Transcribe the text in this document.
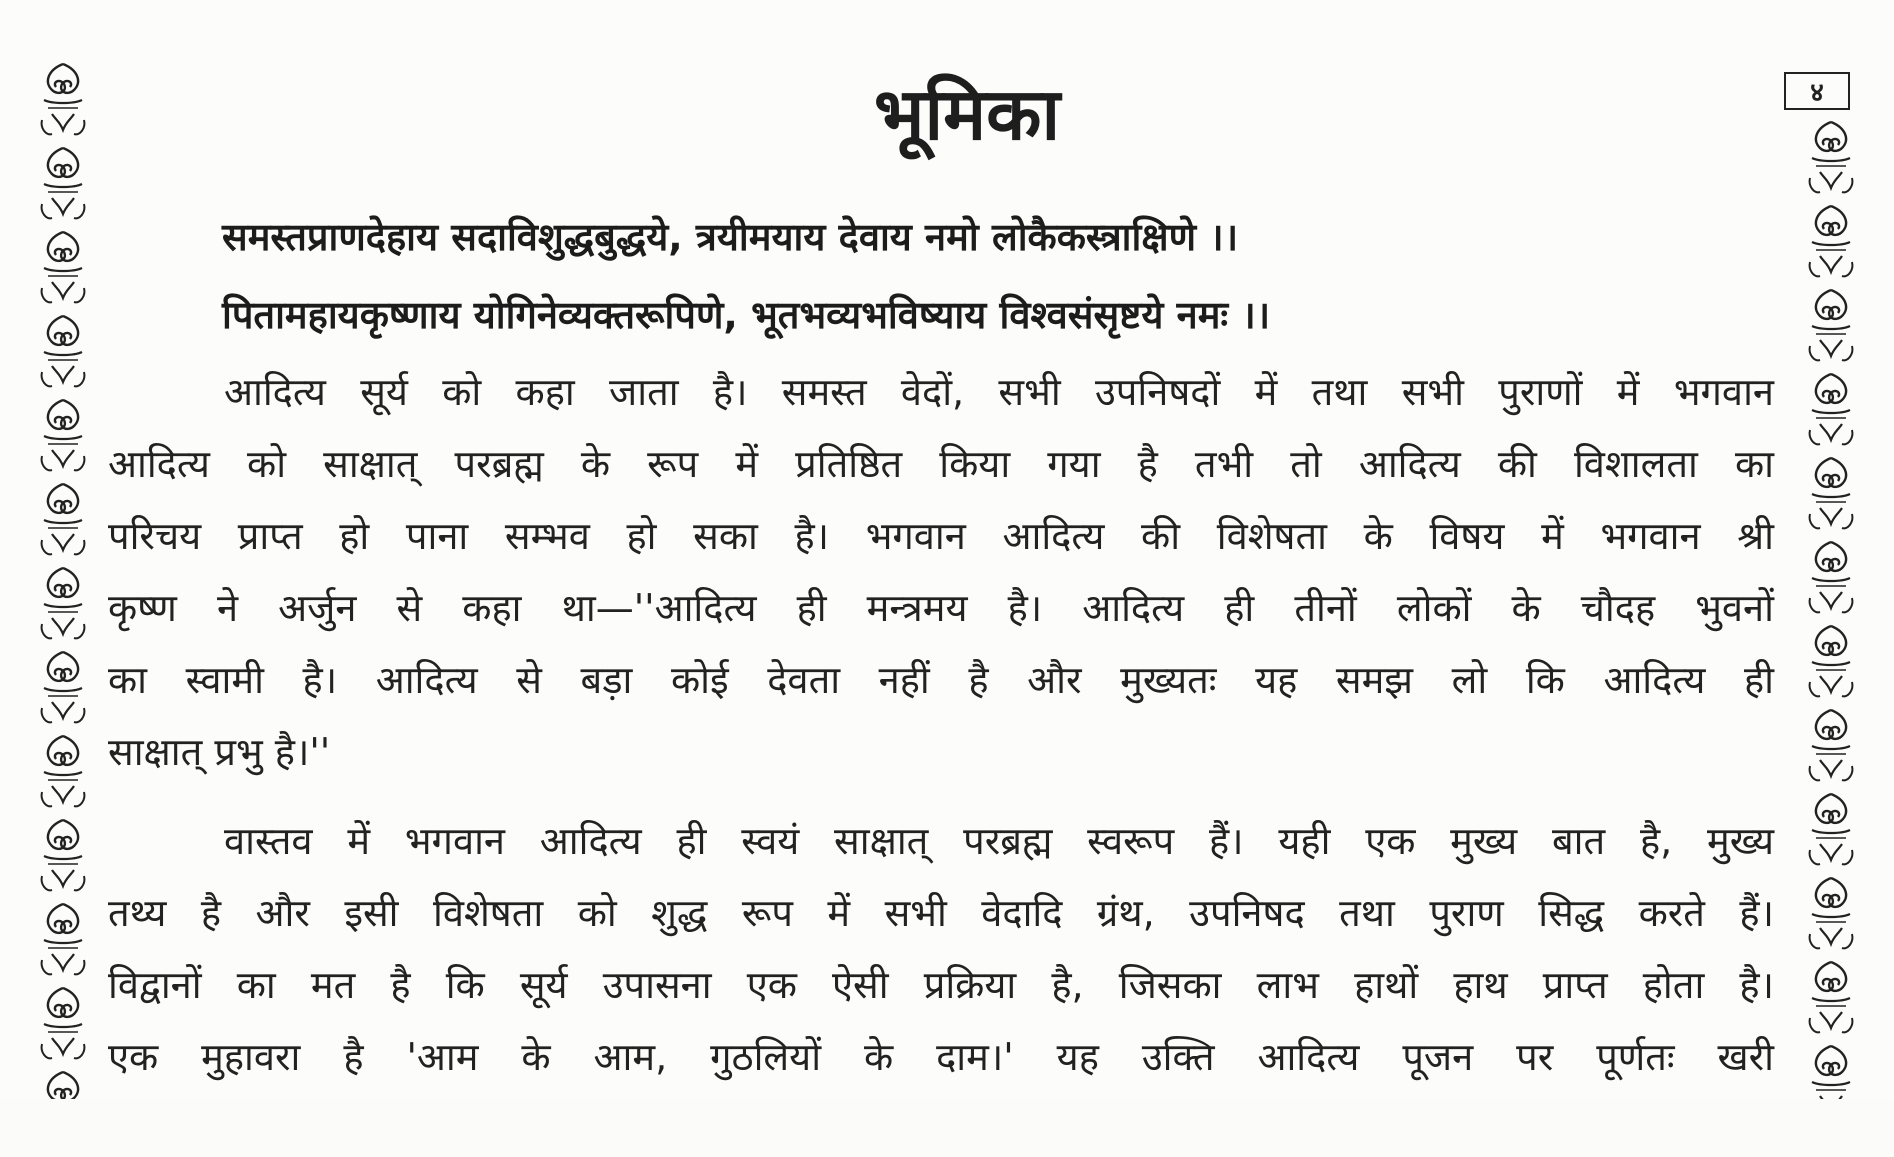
४
भूमिका
समस्तप्राणदेहाय सदाविशुद्धबुद्धये, त्रयीमयाय देवाय नमो लोकैकस्त्राक्षिणे ।।
पितामहायकृष्णाय योगिनेव्यक्तरूपिणे, भूतभव्यभविष्याय विश्वसंसृष्टये नमः ।।
आदित्य सूर्य को कहा जाता है। समस्त वेदों, सभी उपनिषदों में तथा सभी पुराणों में भगवान
आदित्य को साक्षात् परब्रह्म के रूप में प्रतिष्ठित किया गया है तभी तो आदित्य की विशालता का
परिचय प्राप्त हो पाना सम्भव हो सका है। भगवान आदित्य की विशेषता के विषय में भगवान श्री
कृष्ण ने अर्जुन से कहा था—''आदित्य ही मन्त्रमय है। आदित्य ही तीनों लोकों के चौदह भुवनों
का स्वामी है। आदित्य से बड़ा कोई देवता नहीं है और मुख्यतः यह समझ लो कि आदित्य ही
साक्षात् प्रभु है।''
वास्तव में भगवान आदित्य ही स्वयं साक्षात् परब्रह्म स्वरूप हैं। यही एक मुख्य बात है, मुख्य
तथ्य है और इसी विशेषता को शुद्ध रूप में सभी वेदादि ग्रंथ, उपनिषद तथा पुराण सिद्ध करते हैं।
विद्वानों का मत है कि सूर्य उपासना एक ऐसी प्रक्रिया है, जिसका लाभ हाथों हाथ प्राप्त होता है।
एक मुहावरा है 'आम के आम, गुठलियों के दाम।' यह उक्ति आदित्य पूजन पर पूर्णतः खरी
